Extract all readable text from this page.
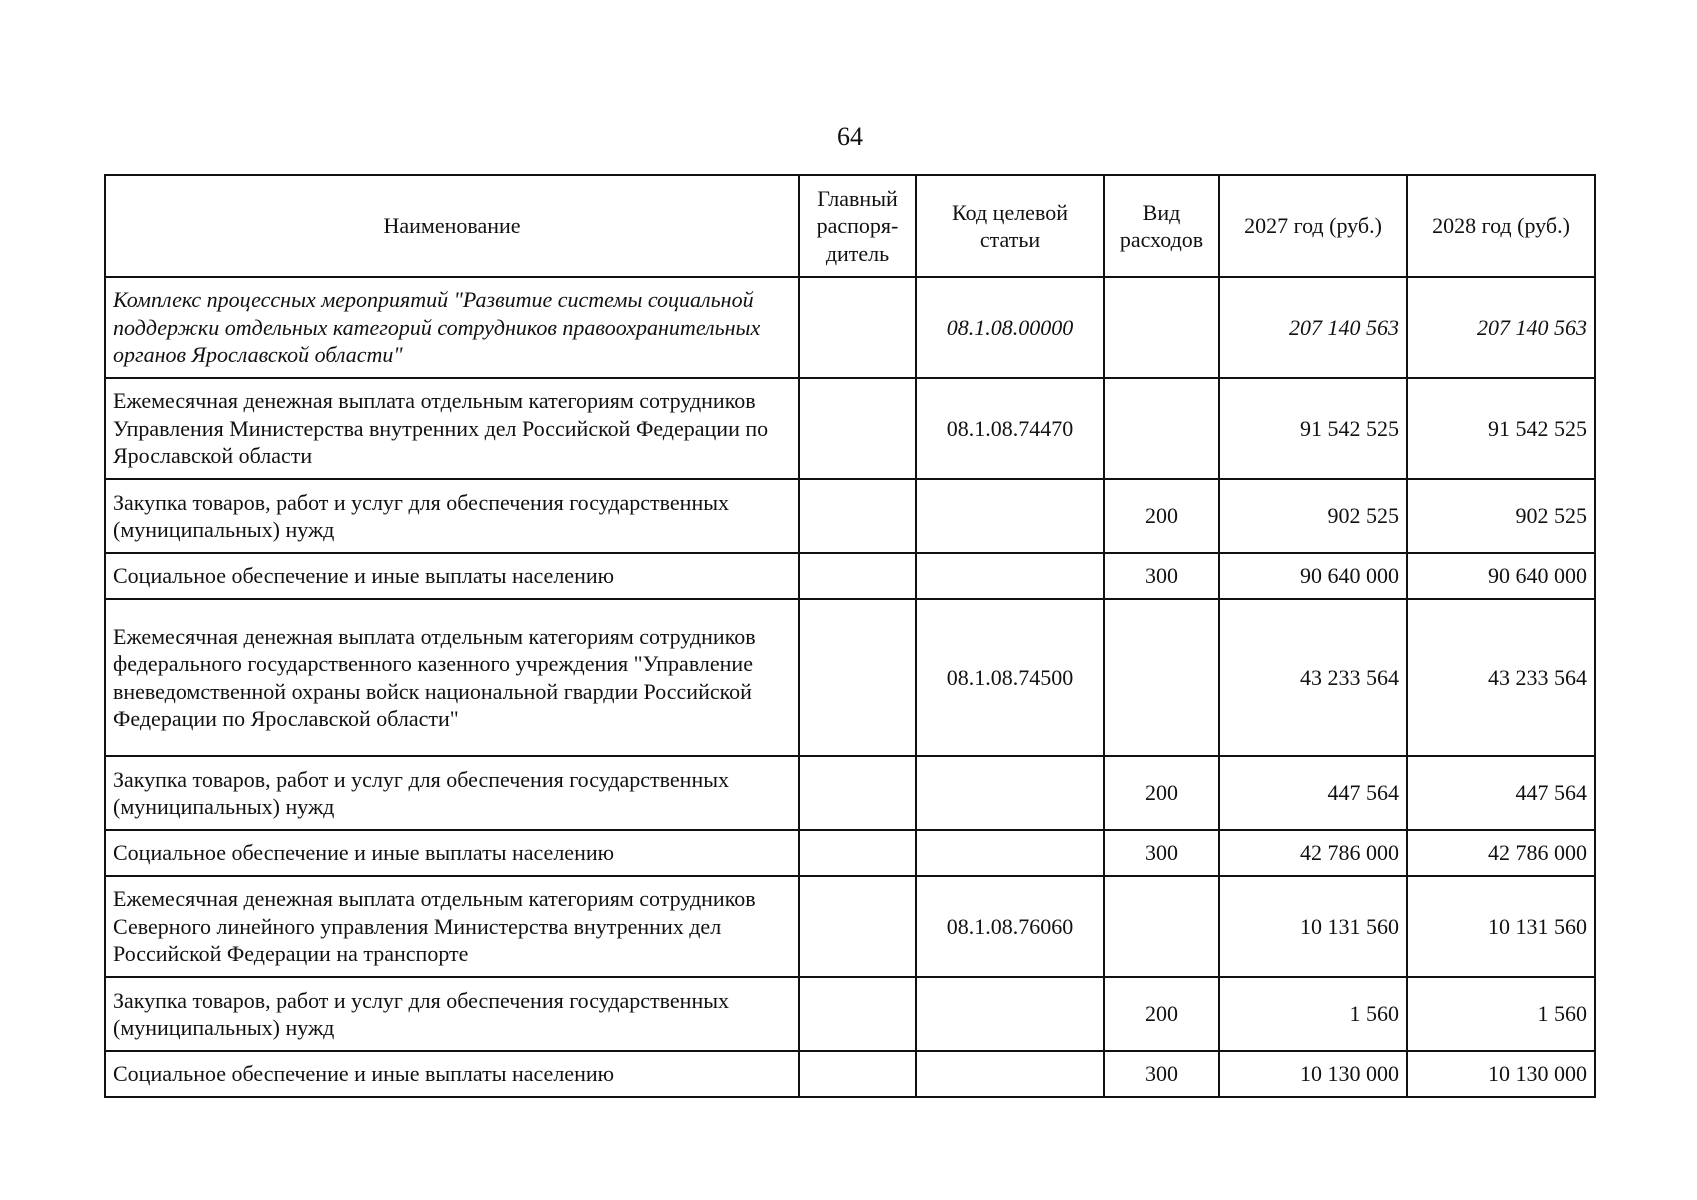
64
Наименование	Главный распоря-дитель	Код целевой статьи	Вид расходов	2027 год (руб.)	2028 год (руб.)
Комплекс процессных мероприятий "Развитие системы социальной поддержки отдельных категорий сотрудников правоохранительных органов Ярославской области"		08.1.08.00000		207 140 563	207 140 563
Ежемесячная денежная выплата отдельным категориям сотрудников Управления Министерства внутренних дел Российской Федерации по Ярославской области		08.1.08.74470		91 542 525	91 542 525
Закупка товаров, работ и услуг для обеспечения государственных (муниципальных) нужд			200	902 525	902 525
Социальное обеспечение и иные выплаты населению			300	90 640 000	90 640 000
Ежемесячная денежная выплата отдельным категориям сотрудников федерального государственного казенного учреждения "Управление вневедомственной охраны войск национальной гвардии Российской Федерации по Ярославской области"		08.1.08.74500		43 233 564	43 233 564
Закупка товаров, работ и услуг для обеспечения государственных (муниципальных) нужд			200	447 564	447 564
Социальное обеспечение и иные выплаты населению			300	42 786 000	42 786 000
Ежемесячная денежная выплата отдельным категориям сотрудников Северного линейного управления Министерства внутренних дел Российской Федерации на транспорте		08.1.08.76060		10 131 560	10 131 560
Закупка товаров, работ и услуг для обеспечения государственных (муниципальных) нужд			200	1 560	1 560
Социальное обеспечение и иные выплаты населению			300	10 130 000	10 130 000
